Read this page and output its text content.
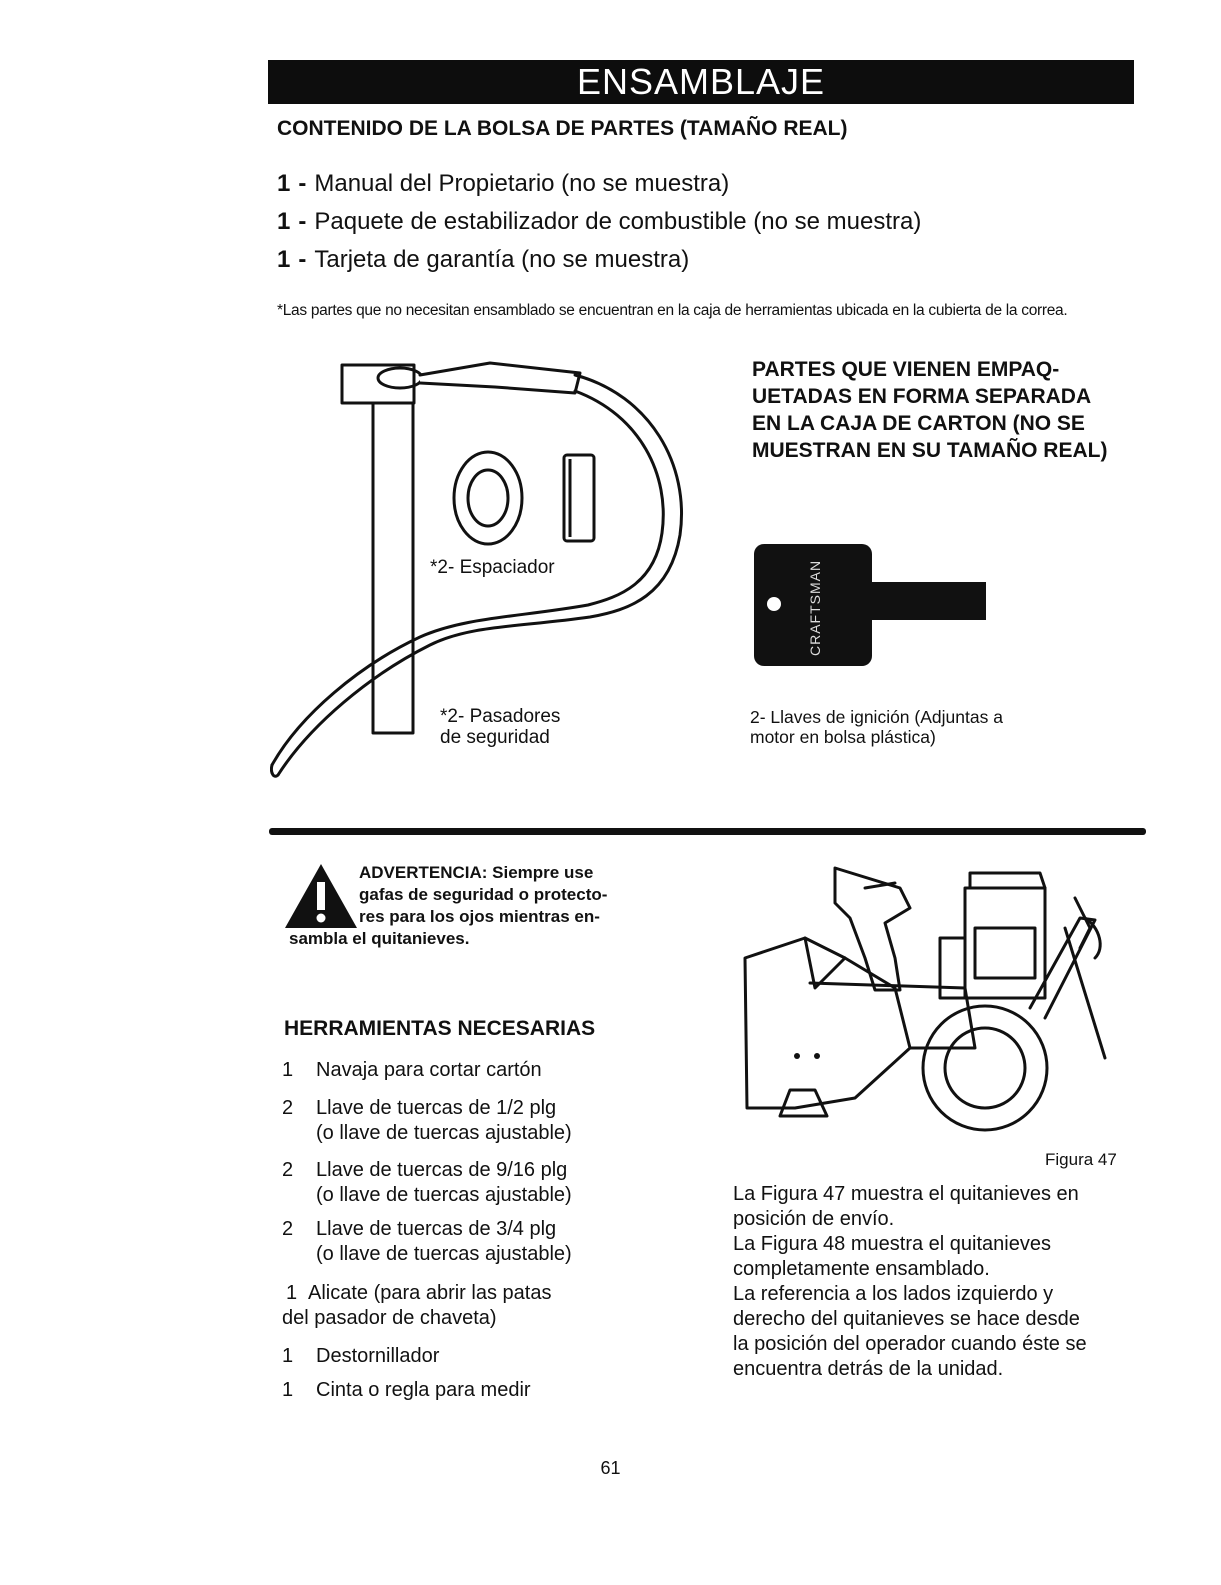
ENSAMBLAJE
CONTENIDO DE LA BOLSA DE PARTES (TAMAÑO REAL)
1 - Manual del Propietario (no se muestra)
1 - Paquete de estabilizador de combustible (no se muestra)
1 - Tarjeta de garantía (no se muestra)
*Las partes que no necesitan ensamblado se encuentran en la caja de herramientas ubicada en la cubierta de la correa.
*2- Espaciador
*2- Pasadores
de seguridad
PARTES QUE VIENEN EMPAQ-
UETADAS EN FORMA SEPARADA
EN LA CAJA DE CARTON (NO SE
MUESTRAN EN SU TAMAÑO REAL)
CRAFTSMAN
2- Llaves de ignición (Adjuntas a
motor en bolsa plástica)
ADVERTENCIA: Siempre use
gafas de seguridad o protecto-
res para los ojos mientras en-
sambla el quitanieves.
HERRAMIENTAS NECESARIAS
1 Navaja para cortar cartón
2 Llave de tuercas de 1/2 plg
(o llave de tuercas ajustable)
2 Llave de tuercas de 9/16 plg
(o llave de tuercas ajustable)
2 Llave de tuercas de 3/4 plg
(o llave de tuercas ajustable)
1 Alicate (para abrir las patas
del pasador de chaveta)
1 Destornillador
1 Cinta o regla para medir
Figura 47
La Figura 47 muestra el quitanieves en
posición de envío.
La Figura 48 muestra el quitanieves
completamente ensamblado.
La referencia a los lados izquierdo y
derecho del quitanieves se hace desde
la posición del operador cuando éste se
encuentra detrás de la unidad.
61
